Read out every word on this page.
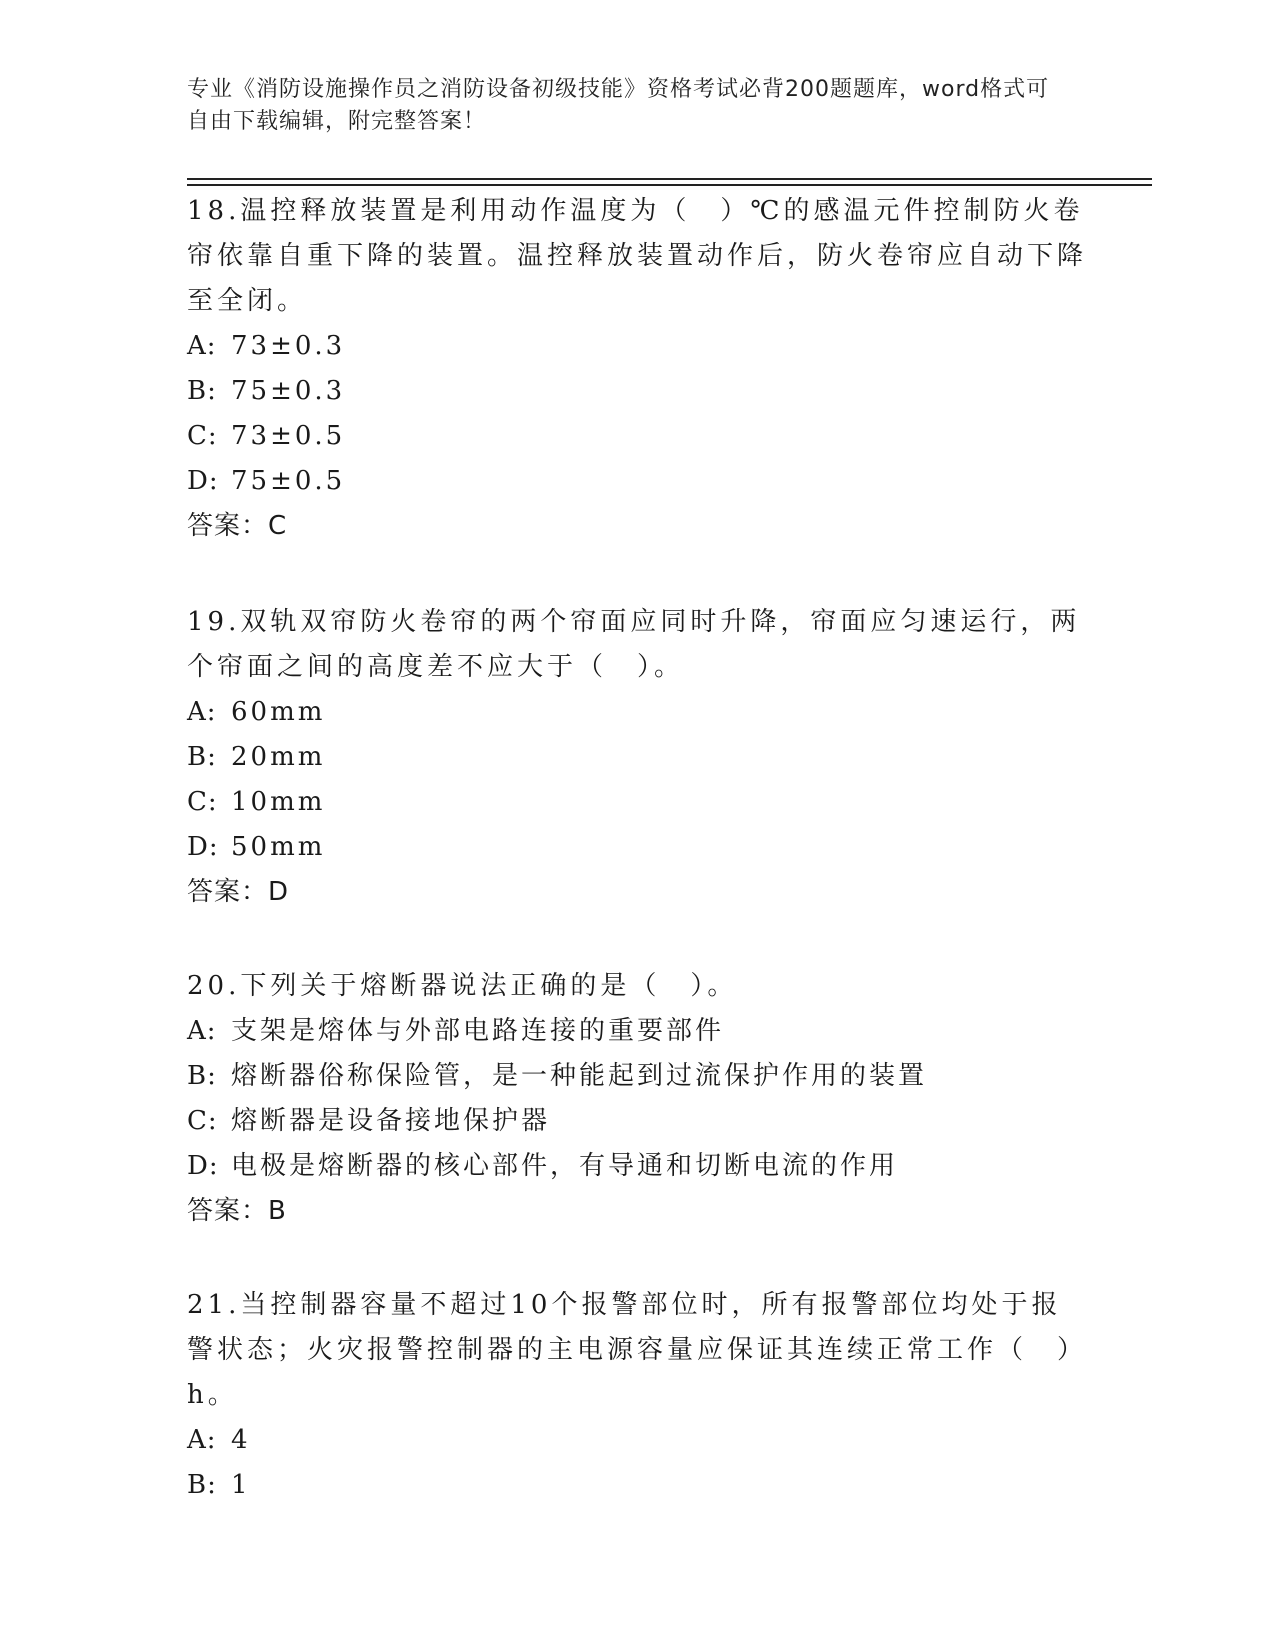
专业《消防设施操作员之消防设备初级技能》资格考试必背200题题库，word格式可自由下载编辑，附完整答案！

18.温控释放装置是利用动作温度为（　）℃的感温元件控制防火卷帘依靠自重下降的装置。温控释放装置动作后，防火卷帘应自动下降至全闭。

A: 73±0.3

B: 75±0.3

C: 73±0.5

D: 75±0.5

答案：C

19.双轨双帘防火卷帘的两个帘面应同时升降，帘面应匀速运行，两个帘面之间的高度差不应大于（　）。

A: 60mm

B: 20mm

C: 10mm

D: 50mm

答案：D

20.下列关于熔断器说法正确的是（　）。

A: 支架是熔体与外部电路连接的重要部件

B: 熔断器俗称保险管，是一种能起到过流保护作用的装置

C: 熔断器是设备接地保护器

D: 电极是熔断器的核心部件，有导通和切断电流的作用

答案：B

21.当控制器容量不超过10个报警部位时，所有报警部位均处于报警状态；火灾报警控制器的主电源容量应保证其连续正常工作（　）h。

A: 4

B: 1
